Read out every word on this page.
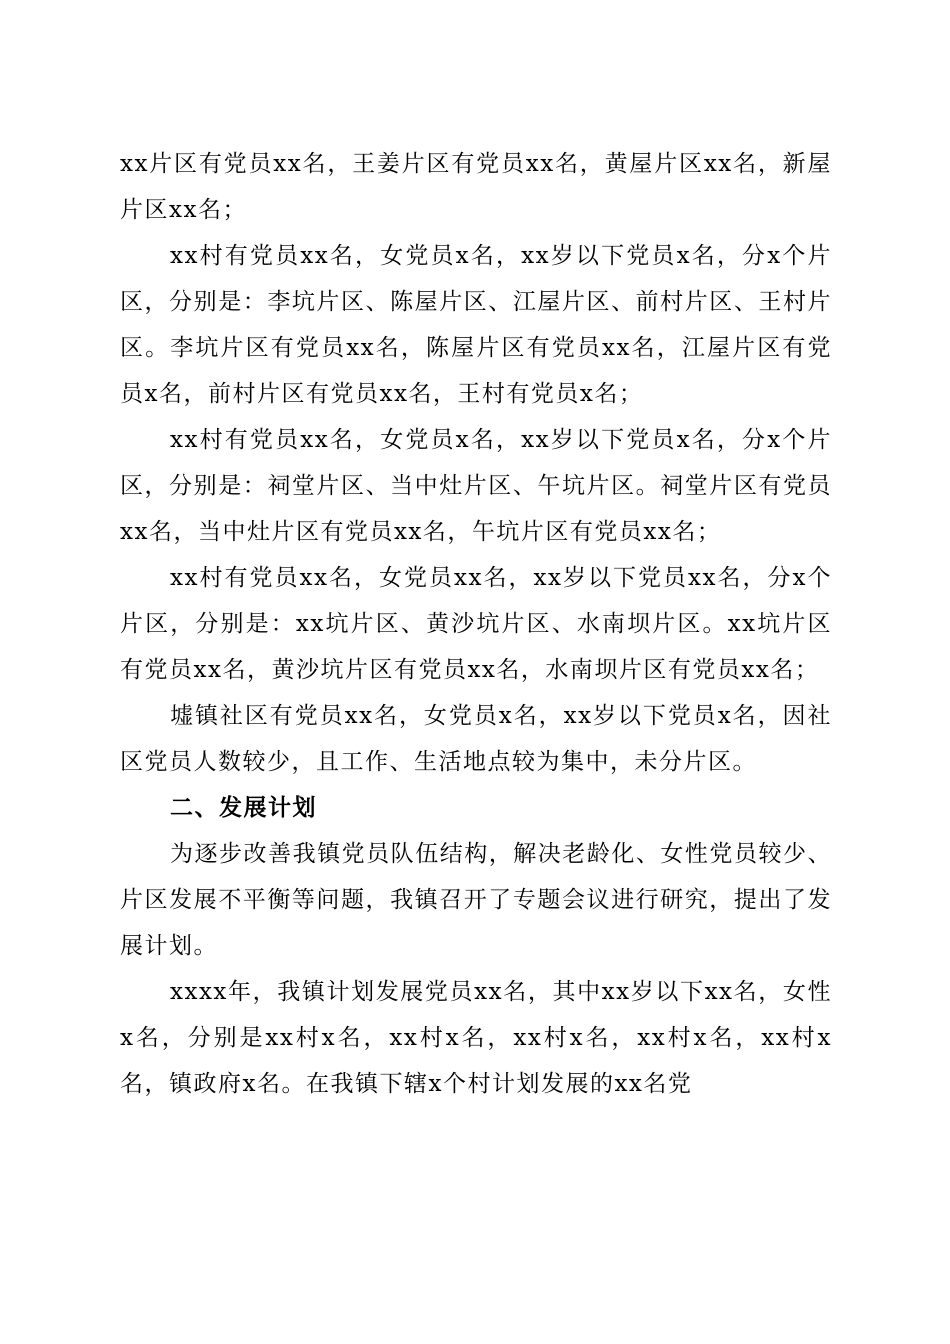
xx片区有党员xx名，王姜片区有党员xx名，黄屋片区xx名，新屋片区xx名；

xx村有党员xx名，女党员x名，xx岁以下党员x名，分x个片区，分别是：李坑片区、陈屋片区、江屋片区、前村片区、王村片区。李坑片区有党员xx名，陈屋片区有党员xx名，江屋片区有党员x名，前村片区有党员xx名，王村有党员x名；

xx村有党员xx名，女党员x名，xx岁以下党员x名，分x个片区，分别是：祠堂片区、当中灶片区、午坑片区。祠堂片区有党员xx名，当中灶片区有党员xx名，午坑片区有党员xx名；

xx村有党员xx名，女党员xx名，xx岁以下党员xx名，分x个片区，分别是：xx坑片区、黄沙坑片区、水南坝片区。xx坑片区有党员xx名，黄沙坑片区有党员xx名，水南坝片区有党员xx名；

墟镇社区有党员xx名，女党员x名，xx岁以下党员x名，因社区党员人数较少，且工作、生活地点较为集中，未分片区。

二、发展计划

为逐步改善我镇党员队伍结构，解决老龄化、女性党员较少、片区发展不平衡等问题，我镇召开了专题会议进行研究，提出了发展计划。

xxxx年，我镇计划发展党员xx名，其中xx岁以下xx名，女性x名，分别是xx村x名，xx村x名，xx村x名，xx村x名，xx村x名，镇政府x名。在我镇下辖x个村计划发展的xx名党
